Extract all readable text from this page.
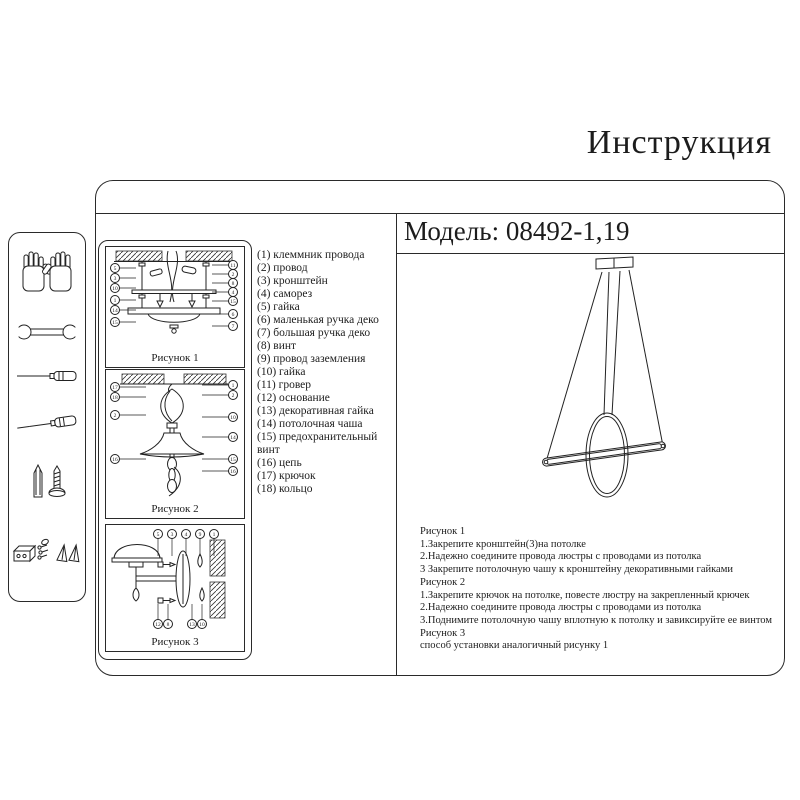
Инструкция
Модель: 08492-1,19
5
3
10
1
14
15
11
2
8
4
15
6
7
Рисунок 1
17
18
2
16
1
2
10
14
15
16
Рисунок 2
5 3 4 9 1
12 8	13 10
Рисунок 3
(1) клеммник провода
(2) провод
(3) кронштейн
(4) саморез
(5) гайка
(6) маленькая ручка деко
(7) большая ручка деко
(8) винт
(9) провод заземления
(10) гайка
(11) гровер
(12) основание
(13) декоративная гайка
(14) потолочная чаша
(15) предохранительный винт
(16) цепь
(17) крючок
(18) кольцо
Рисунок 1
1.Закрепите кронштейн(3)на потолке
2.Надежно соедините провода люстры с проводами из потолка
3 Закрепите потолочную чашу к кронштейну декоративными гайками
Рисунок 2
1.Закрепите крючок на потолке, повесте люстру на закрепленный крючек
2.Надежно соедините провода люстры с проводами из потолка
3.Поднимите потолочную чашу вплотную к потолку и завиксируйте ее винтом
Рисунок 3
способ установки аналогичный рисунку 1
